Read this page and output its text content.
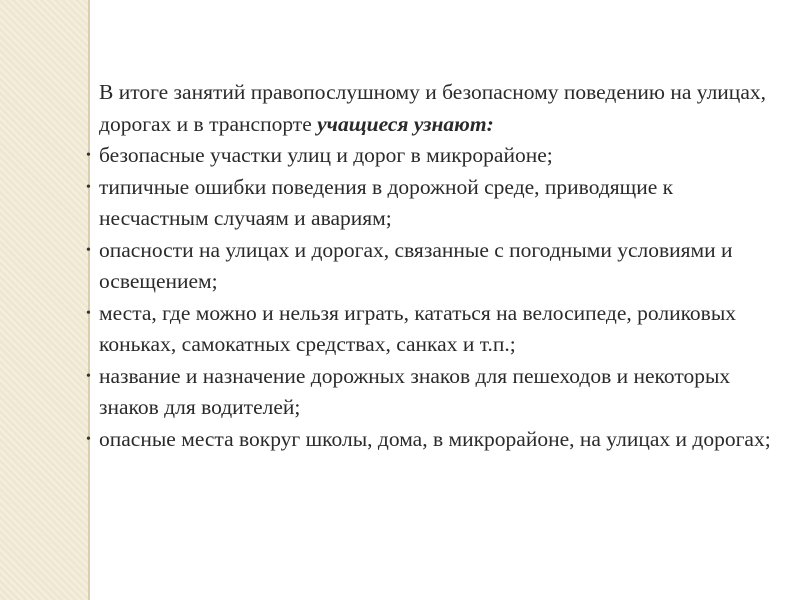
В итоге занятий правопослушному и безопасному поведению на улицах, дорогах и в транспорте учащиеся узнают:
• безопасные участки улиц и дорог в микрорайоне;
• типичные ошибки поведения в дорожной среде, приводящие к несчастным случаям и авариям;
• опасности на улицах и дорогах, связанные с погодными условиями и освещением;
• места, где можно и нельзя играть, кататься на велосипеде, роликовых коньках, самокатных средствах, санках и т.п.;
• название и назначение дорожных знаков для пешеходов и некоторых знаков для водителей;
• опасные места вокруг школы, дома, в микрорайоне, на улицах и дорогах;
